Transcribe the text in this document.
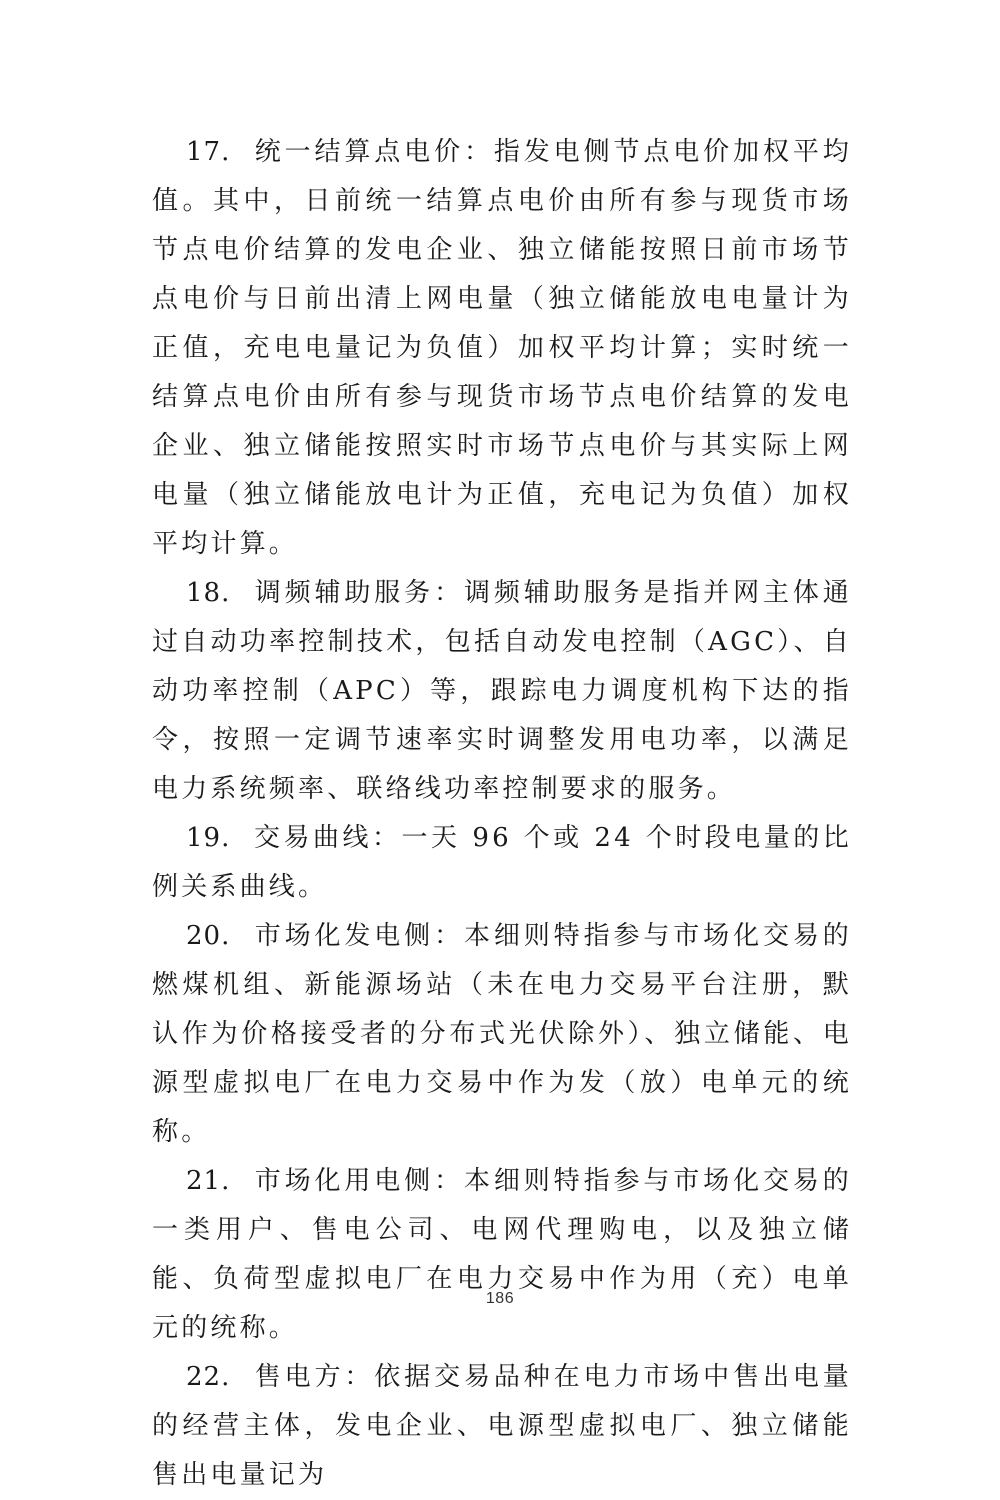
17. 统一结算点电价：指发电侧节点电价加权平均值。其中，日前统一结算点电价由所有参与现货市场节点电价结算的发电企业、独立储能按照日前市场节点电价与日前出清上网电量（独立储能放电电量计为正值，充电电量记为负值）加权平均计算；实时统一结算点电价由所有参与现货市场节点电价结算的发电企业、独立储能按照实时市场节点电价与其实际上网电量（独立储能放电计为正值，充电记为负值）加权平均计算。

18. 调频辅助服务：调频辅助服务是指并网主体通过自动功率控制技术，包括自动发电控制（AGC）、自动功率控制（APC）等，跟踪电力调度机构下达的指令，按照一定调节速率实时调整发用电功率，以满足电力系统频率、联络线功率控制要求的服务。

19. 交易曲线：一天 96 个或 24 个时段电量的比例关系曲线。

20. 市场化发电侧：本细则特指参与市场化交易的燃煤机组、新能源场站（未在电力交易平台注册，默认作为价格接受者的分布式光伏除外）、独立储能、电源型虚拟电厂在电力交易中作为发（放）电单元的统称。

21. 市场化用电侧：本细则特指参与市场化交易的一类用户、售电公司、电网代理购电，以及独立储能、负荷型虚拟电厂在电力交易中作为用（充）电单元的统称。

22. 售电方：依据交易品种在电力市场中售出电量的经营主体，发电企业、电源型虚拟电厂、独立储能售出电量记为

186
